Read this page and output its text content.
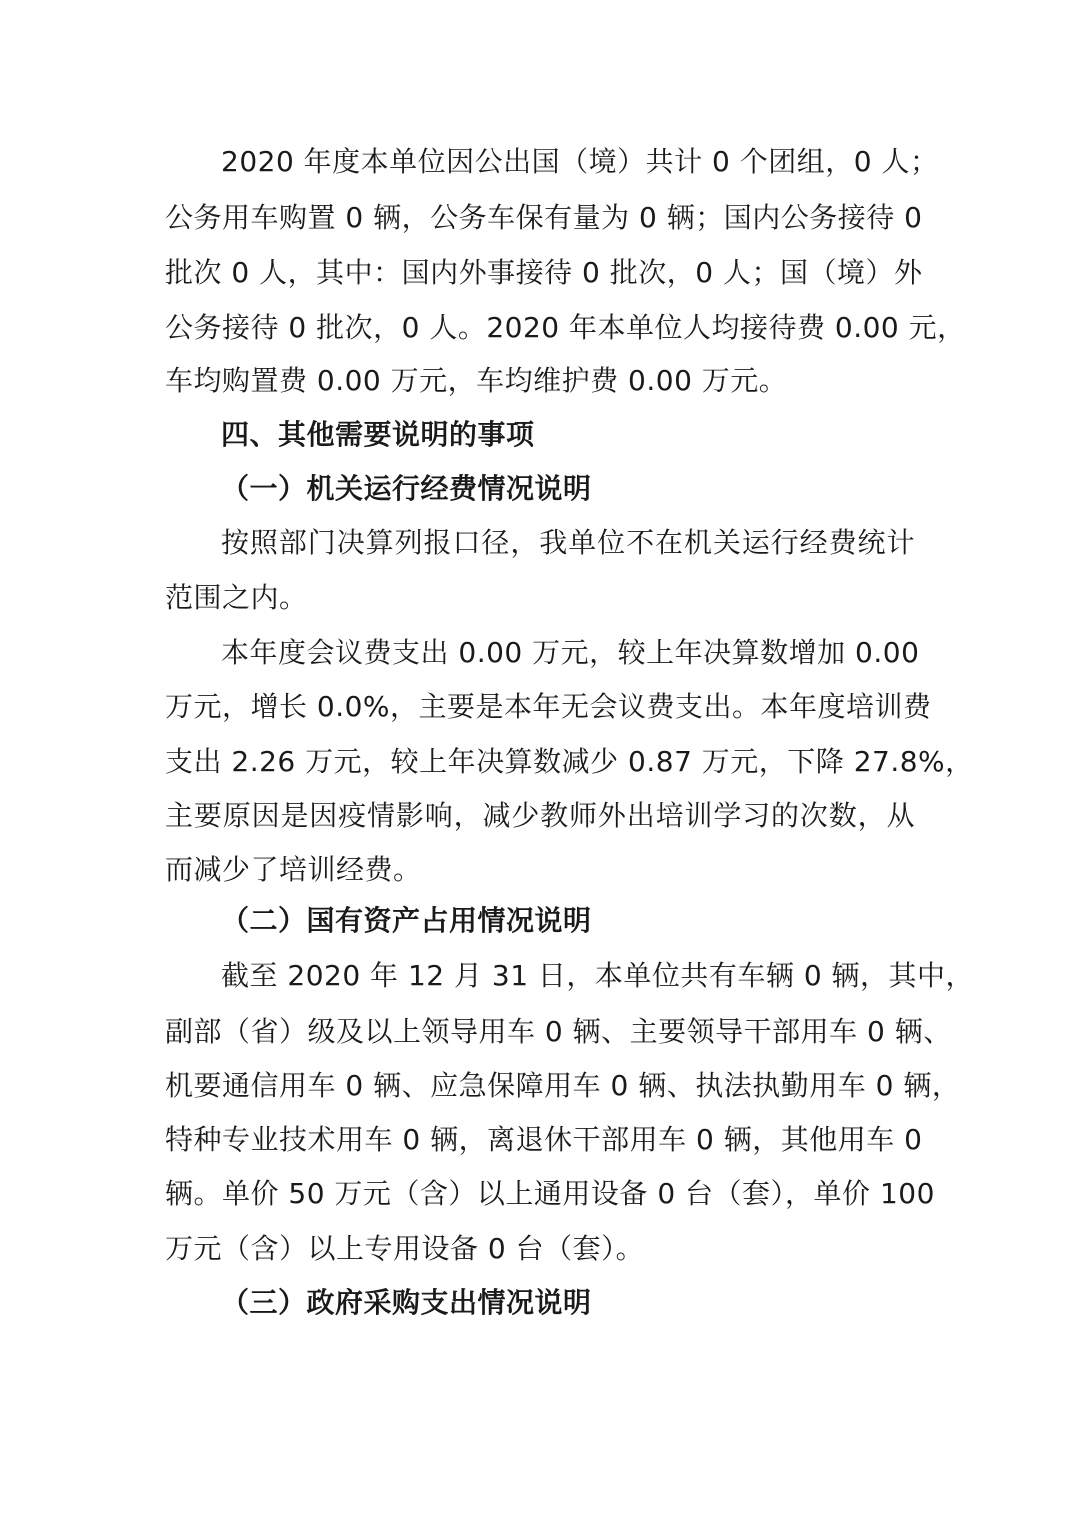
2020 年度本单位因公出国（境）共计 0 个团组，0 人；
公务用车购置 0 辆，公务车保有量为 0 辆；国内公务接待 0
批次 0 人，其中：国内外事接待 0 批次，0 人；国（境）外
公务接待 0 批次，0 人。2020 年本单位人均接待费 0.00 元，
车均购置费 0.00 万元，车均维护费 0.00 万元。
四、其他需要说明的事项
（一）机关运行经费情况说明
按照部门决算列报口径，我单位不在机关运行经费统计
范围之内。
本年度会议费支出 0.00 万元，较上年决算数增加 0.00
万元，增长 0.0%，主要是本年无会议费支出。本年度培训费
支出 2.26 万元，较上年决算数减少 0.87 万元，下降 27.8%，
主要原因是因疫情影响，减少教师外出培训学习的次数，从
而减少了培训经费。
（二）国有资产占用情况说明
截至 2020 年 12 月 31 日，本单位共有车辆 0 辆，其中，
副部（省）级及以上领导用车 0 辆、主要领导干部用车 0 辆、
机要通信用车 0 辆、应急保障用车 0 辆、执法执勤用车 0 辆，
特种专业技术用车 0 辆，离退休干部用车 0 辆，其他用车 0
辆。单价 50 万元（含）以上通用设备 0 台（套），单价 100
万元（含）以上专用设备 0 台（套）。
（三）政府采购支出情况说明
